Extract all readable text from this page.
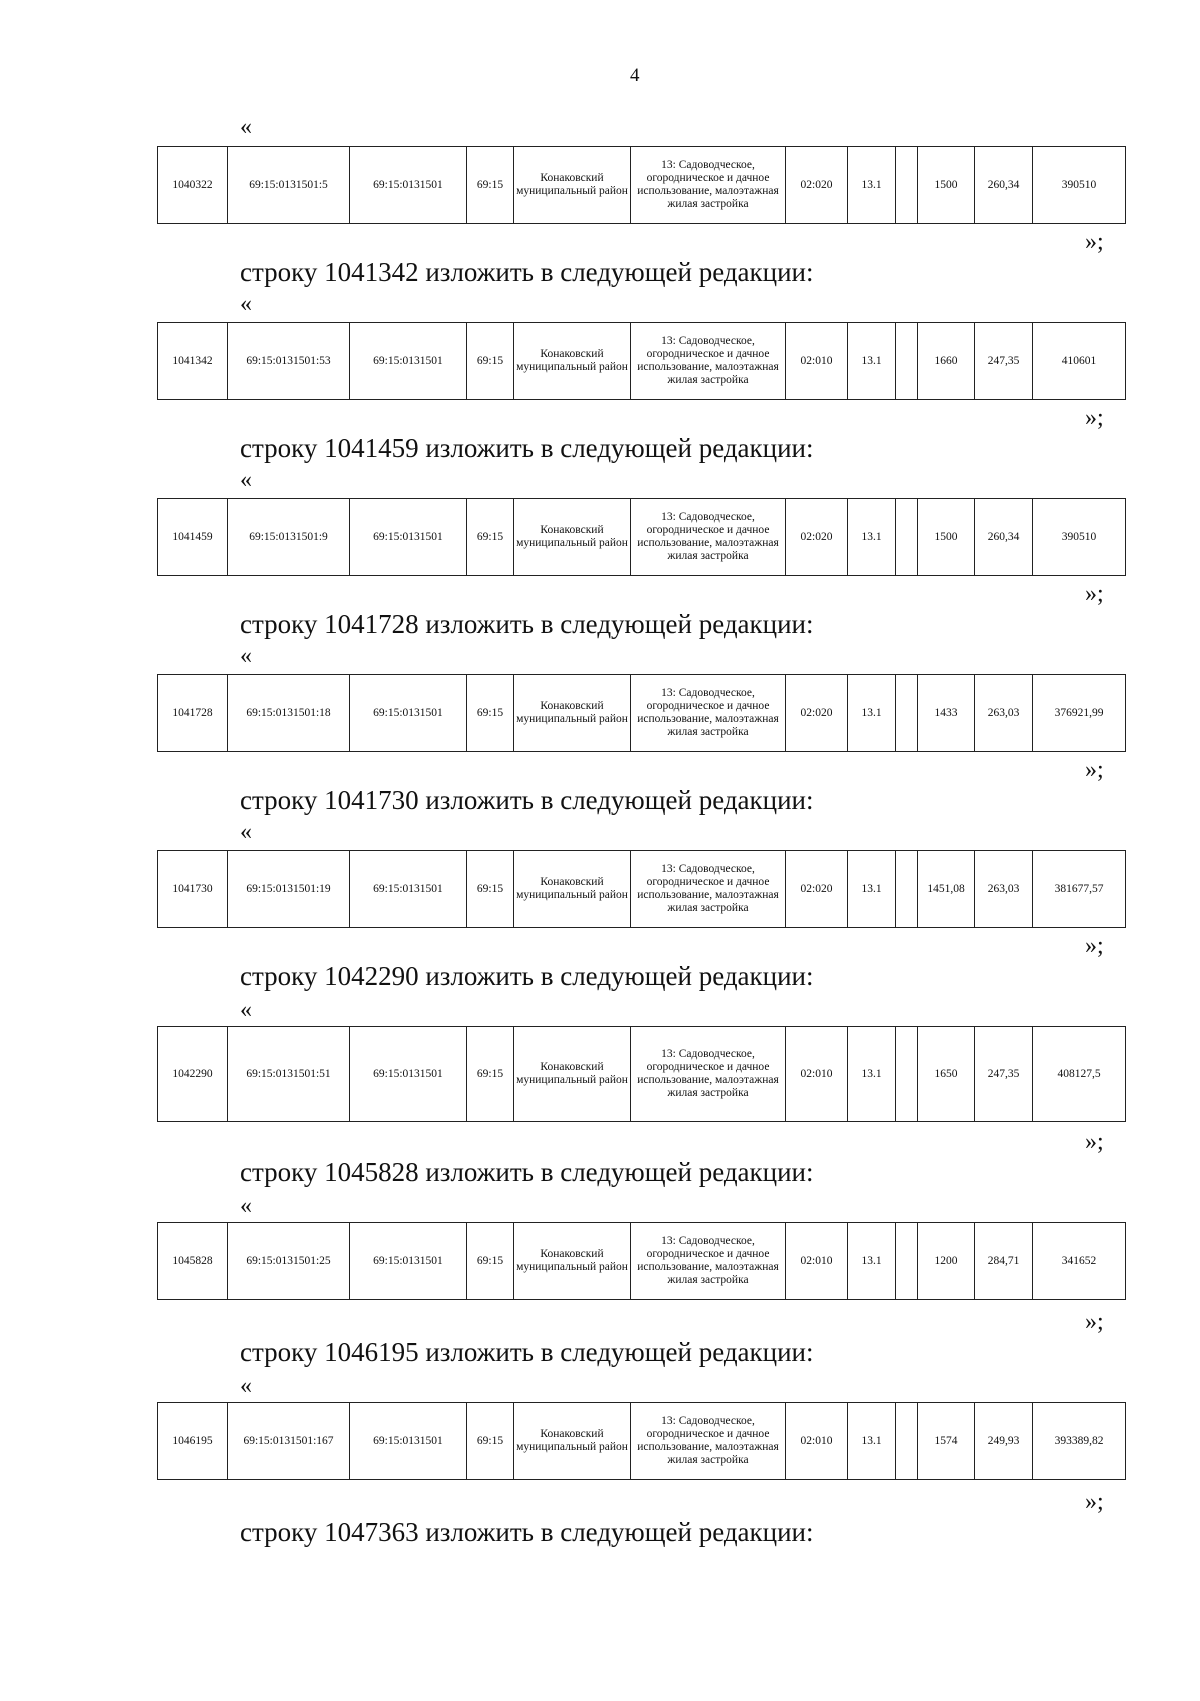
4
«
1040322	69:15:0131501:5	69:15:0131501	69:15	Конаковский муниципальный район	13: Садоводческое, огородническое и дачное использование, малоэтажная жилая застройка	02:020	13.1		1500	260,34	390510
»;
строку 1041342 изложить в следующей редакции:
«
1041342	69:15:0131501:53	69:15:0131501	69:15	Конаковский муниципальный район	13: Садоводческое, огородническое и дачное использование, малоэтажная жилая застройка	02:010	13.1		1660	247,35	410601
»;
строку 1041459 изложить в следующей редакции:
«
1041459	69:15:0131501:9	69:15:0131501	69:15	Конаковский муниципальный район	13: Садоводческое, огородническое и дачное использование, малоэтажная жилая застройка	02:020	13.1		1500	260,34	390510
»;
строку 1041728 изложить в следующей редакции:
«
1041728	69:15:0131501:18	69:15:0131501	69:15	Конаковский муниципальный район	13: Садоводческое, огородническое и дачное использование, малоэтажная жилая застройка	02:020	13.1		1433	263,03	376921,99
»;
строку 1041730 изложить в следующей редакции:
«
1041730	69:15:0131501:19	69:15:0131501	69:15	Конаковский муниципальный район	13: Садоводческое, огородническое и дачное использование, малоэтажная жилая застройка	02:020	13.1		1451,08	263,03	381677,57
»;
строку 1042290 изложить в следующей редакции:
«
1042290	69:15:0131501:51	69:15:0131501	69:15	Конаковский муниципальный район	13: Садоводческое, огородническое и дачное использование, малоэтажная жилая застройка	02:010	13.1		1650	247,35	408127,5
»;
строку 1045828 изложить в следующей редакции:
«
1045828	69:15:0131501:25	69:15:0131501	69:15	Конаковский муниципальный район	13: Садоводческое, огородническое и дачное использование, малоэтажная жилая застройка	02:010	13.1		1200	284,71	341652
»;
строку 1046195 изложить в следующей редакции:
«
1046195	69:15:0131501:167	69:15:0131501	69:15	Конаковский муниципальный район	13: Садоводческое, огородническое и дачное использование, малоэтажная жилая застройка	02:010	13.1		1574	249,93	393389,82
»;
строку 1047363 изложить в следующей редакции:
